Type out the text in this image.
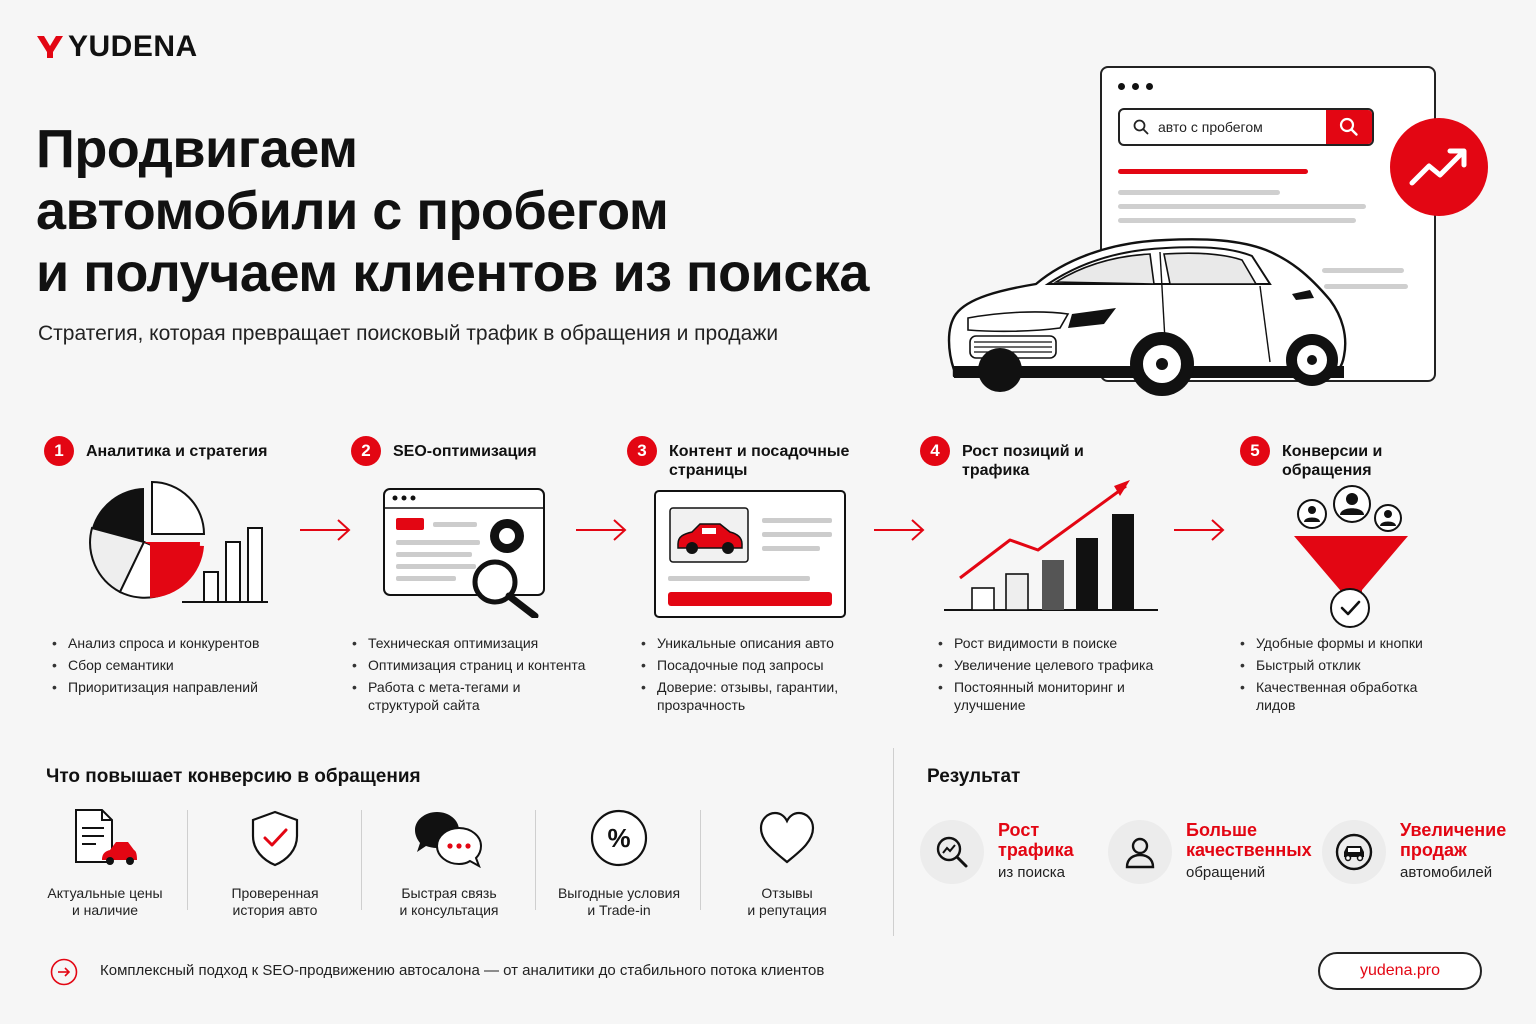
YUDENA
Продвигаем
автомобили с пробегом
и получаем клиентов из поиска
Стратегия, которая превращает поисковый трафик в обращения и продажи
авто с пробегом
1	Аналитика и стратегия	2	SEO-оптимизация	3	Контент и посадочные страницы
4	Рост позиций и трафика
5	Конверсии и обращения
• Анализ спроса и конкурентов
• Сбор семантики
• Приоритизация направлений
• Техническая оптимизация
• Оптимизация страниц и контента
• Работа с мета-тегами и структурой сайта
• Уникальные описания авто
• Посадочные под запросы
• Доверие: отзывы, гарантии, прозрачность
• Рост видимости в поиске
• Увеличение целевого трафика
• Постоянный мониторинг и улучшение
• Удобные формы и кнопки
• Быстрый отклик
• Качественная обработка лидов
Что повышает конверсию в обращения
Актуальные цены
и наличие
Проверенная
история авто
Быстрая связь
и консультация
%
Выгодные условия
и Trade-in
Отзывы
и репутация
Результат
Рост
трафика
из поиска
Больше
качественных
обращений
Увеличение
продаж
автомобилей
Комплексный подход к SEO-продвижению автосалона — от аналитики до стабильного потока клиентов	yudena.pro
